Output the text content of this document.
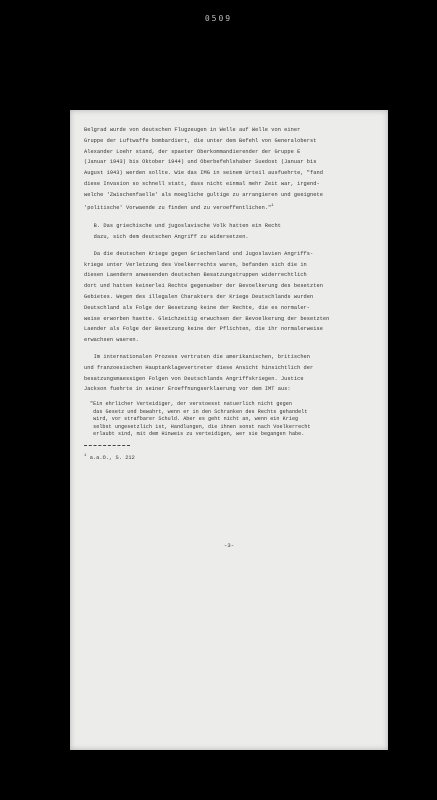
0509

Belgrad wurde von deutschen Flugzeugen in Welle auf Welle von einer

Gruppe der Luftwaffe bombardiert, die unter dem Befehl von Generaloberst

Alexander Loehr stand, der spaeter Oberkommandierender der Gruppe E

(Januar 1943) bis Oktober 1944) und Oberbefehlshaber Suedost (Januar bis

August 1943) werden sollte. Wie das IMG in seinem Urteil ausfuehrte, "fand

diese Invasion so schnell statt, dass nicht einmal mehr Zeit war, irgend-

welche 'Zwischenfaelle' als moegliche gultige zu arrangieren und geeignete

'politische' Vorwaende zu finden und zu veroeffentlichen."$^1$

B. Das griechische und jugoslavische Volk hatten ein Recht

dazu, sich dem deutschen Angriff zu widersetzen.

Da die deutschen Kriege gegen Griechenland und Jugoslavien Angriffs-

kriege unter Verletzung des Voelkerrechts waren, befanden sich die in

diesen Laendern anwesenden deutschen Besatzungstruppen widerrechtlich

dort und hatten keinerlei Rechte gegenueber der Bevoelkerung des besetzten

Gebietes. Wegen des illegalen Charakters der Kriege Deutschlands wurden

Deutschland als Folge der Besetzung keine der Rechte, die es normaler-

weise erworben haette. Gleichzeitig erwuchsen der Bevoelkerung der besetzten

Laender als Folge der Besetzung keine der Pflichten, die ihr normalerweise

erwachsen waeren.

Im internationalen Prozess vertraten die amerikanischen, britischen

und franzoesischen Hauptanklagevertreter diese Ansicht hinsichtlich der

besatzungsmaessigen Folgen von Deutschlands Angriffskriegen. Justice

Jackson fuehrte in seiner Eroeffnungserklaerung vor dem IMT aus:

"Ein ehrlicher Verteidiger, der verstoesst natuerlich nicht gegen

das Gesetz und bewahrt, wenn er in den Schranken des Rechts gehandelt

wird, vor strafbarer Schuld. Aber es geht nicht an, wenn ein Krieg

selbst ungesetzlich ist, Handlungen, die ihnen sonst nach Voelkerrecht

erlaubt sind, mit dem Hinweis zu verteidigen, wer sie begangen habe.

$^1$ a.a.O., S. 212
-3-
